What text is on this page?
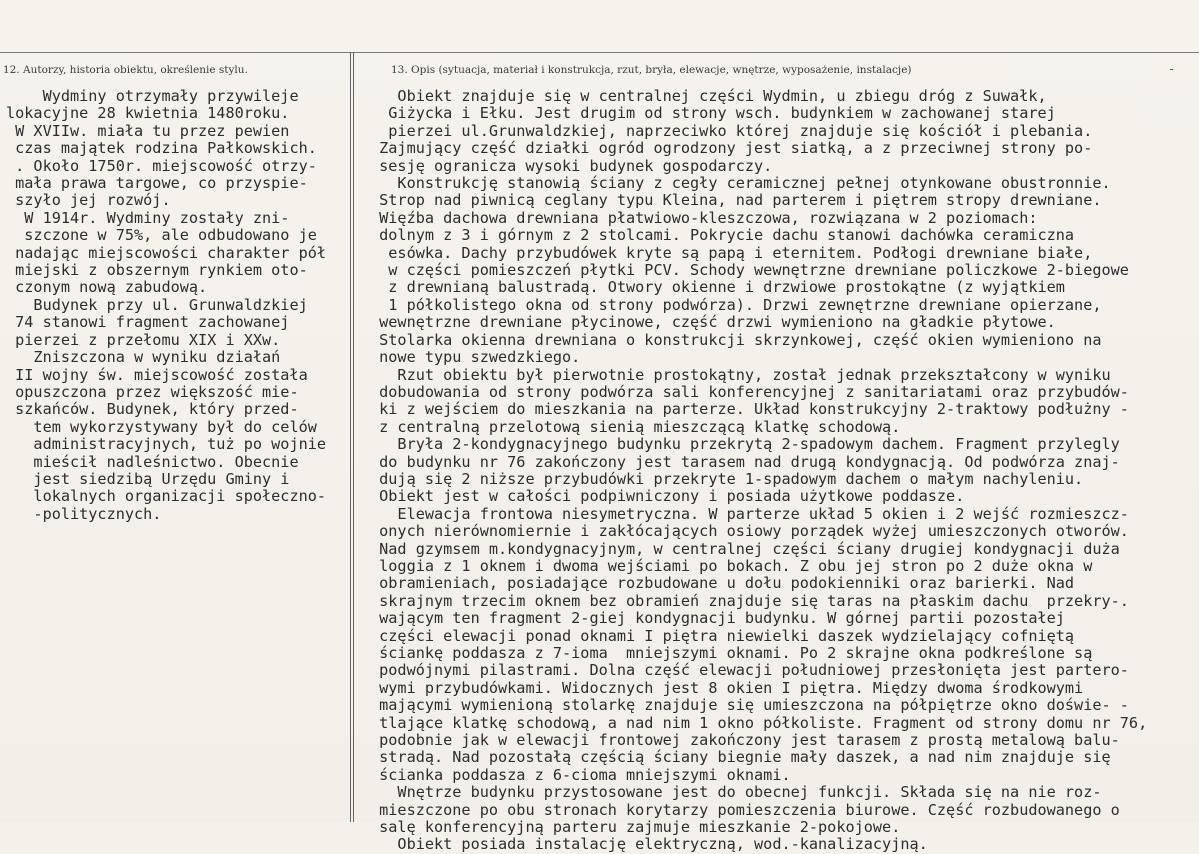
12. Autorzy, historia obiektu, określenie stylu.	13. Opis (sytuacja, materiał i konstrukcja, rzut, bryła, elewacje, wnętrze, wyposażenie, instalacje)	-
Wydminy otrzymały przywileje
lokacyjne 28 kwietnia 1480roku.
W XVIIw. miała tu przez pewien
czas majątek rodzina Pałkowskich.
. Około 1750r. miejscowość otrzy-
mała prawa targowe, co przyspie-
szyło jej rozwój.
W 1914r. Wydminy zostały zni-
szczone w 75%, ale odbudowano je
nadając miejscowości charakter pół
miejski z obszernym rynkiem oto-
czonym nową zabudową.
Budynek przy ul. Grunwaldzkiej
74 stanowi fragment zachowanej
pierzei z przełomu XIX i XXw.
Zniszczona w wyniku działań
II wojny św. miejscowość została
opuszczona przez większość mie-
szkańców. Budynek, który przed-
tem wykorzystywany był do celów
administracyjnych, tuż po wojnie
mieścił nadleśnictwo. Obecnie
jest siedzibą Urzędu Gminy i
lokalnych organizacji społeczno-
-politycznych.
Obiekt znajduje się w centralnej części Wydmin, u zbiegu dróg z Suwałk,
Giżycka i Ełku. Jest drugim od strony wsch. budynkiem w zachowanej starej
pierzei ul.Grunwaldzkiej, naprzeciwko której znajduje się kościół i plebania.
Zajmujący część działki ogród ogrodzony jest siatką, a z przeciwnej strony po-
sesję ogranicza wysoki budynek gospodarczy.
Konstrukcję stanowią ściany z cegły ceramicznej pełnej otynkowane obustronnie.
Strop nad piwnicą ceglany typu Kleina, nad parterem i piętrem stropy drewniane.
Więźba dachowa drewniana płatwiowo-kleszczowa, rozwiązana w 2 poziomach:
dolnym z 3 i górnym z 2 stolcami. Pokrycie dachu stanowi dachówka ceramiczna
esówka. Dachy przybudówek kryte są papą i eternitem. Podłogi drewniane białe,
w części pomieszczeń płytki PCV. Schody wewnętrzne drewniane policzkowe 2-biegowe
z drewnianą balustradą. Otwory okienne i drzwiowe prostokątne (z wyjątkiem
1 półkolistego okna od strony podwórza). Drzwi zewnętrzne drewniane opierzane,
wewnętrzne drewniane płycinowe, część drzwi wymieniono na gładkie płytowe.
Stolarka okienna drewniana o konstrukcji skrzynkowej, część okien wymieniono na
nowe typu szwedzkiego.
Rzut obiektu był pierwotnie prostokątny, został jednak przekształcony w wyniku
dobudowania od strony podwórza sali konferencyjnej z sanitariatami oraz przybudów-
ki z wejściem do mieszkania na parterze. Układ konstrukcyjny 2-traktowy podłużny -
z centralną przelotową sienią mieszczącą klatkę schodową.
Bryła 2-kondygnacyjnego budynku przekrytą 2-spadowym dachem. Fragment przylegly
do budynku nr 76 zakończony jest tarasem nad drugą kondygnacją. Od podwórza znaj-
dują się 2 niższe przybudówki przekryte 1-spadowym dachem o małym nachyleniu.
Obiekt jest w całości podpiwniczony i posiada użytkowe poddasze.
Elewacja frontowa niesymetryczna. W parterze układ 5 okien i 2 wejść rozmieszcz-
onych nierównomiernie i zakłócających osiowy porządek wyżej umieszczonych otworów.
Nad gzymsem m.kondygnacyjnym, w centralnej części ściany drugiej kondygnacji duża
loggia z 1 oknem i dwoma wejściami po bokach. Z obu jej stron po 2 duże okna w
obramieniach, posiadające rozbudowane u dołu podokienniki oraz barierki. Nad
skrajnym trzecim oknem bez obramień znajduje się taras na płaskim dachu  przekry-.
wającym ten fragment 2-giej kondygnacji budynku. W górnej partii pozostałej
części elewacji ponad oknami I piętra niewielki daszek wydzielający cofniętą
ściankę poddasza z 7-ioma  mniejszymi oknami. Po 2 skrajne okna podkreślone są
podwójnymi pilastrami. Dolna część elewacji południowej przesłonięta jest partero-
wymi przybudówkami. Widocznych jest 8 okien I piętra. Między dwoma środkowymi
mającymi wymienioną stolarkę znajduje się umieszczona na półpiętrze okno doświe- -
tlające klatkę schodową, a nad nim 1 okno półkoliste. Fragment od strony domu nr 76,
podobnie jak w elewacji frontowej zakończony jest tarasem z prostą metalową balu-
stradą. Nad pozostałą częścią ściany biegnie mały daszek, a nad nim znajduje się
ścianka poddasza z 6-cioma mniejszymi oknami.
Wnętrze budynku przystosowane jest do obecnej funkcji. Składa się na nie roz-
mieszczone po obu stronach korytarzy pomieszczenia biurowe. Część rozbudowanego o
salę konferencyjną parteru zajmuje mieszkanie 2-pokojowe.
Obiekt posiada instalację elektryczną, wod.-kanalizacyjną.
